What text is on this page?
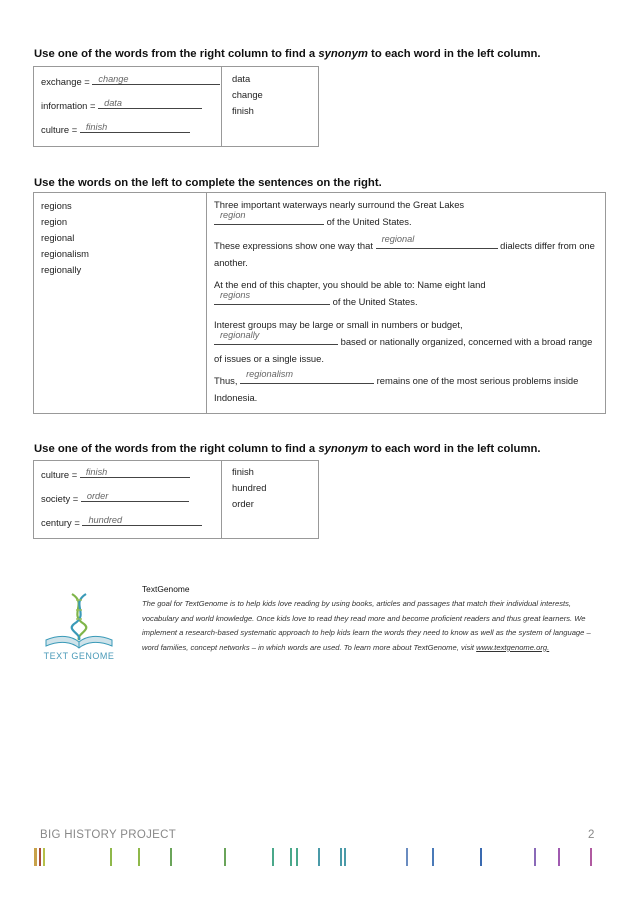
Use one of the words from the right column to find a synonym to each word in the left column.
exchange = change
information = data
culture = finish
data
change
finish
Use the words on the left to complete the sentences on the right.
regions
region
regional
regionalism
regionally
Three important waterways nearly surround the Great Lakes

region
of the United States.
These expressions show one way that
regional
dialects differ from one another.
At the end of this chapter, you should be able to: Name eight land

regions
of the United States.
Interest groups may be large or small in numbers or budget,

regionally
based or nationally organized, concerned with a broad range of issues or a single issue.
Thus,
regionalism
remains one of the most serious problems inside Indonesia.
Use one of the words from the right column to find a synonym to each word in the left column.
culture = finish
society = order
century = hundred
finish
hundred
order
TEXT GENOME
TextGenome
The goal for TextGenome is to help kids love reading by using books, articles and passages that match their individual interests, vocabulary and world knowledge. Once kids love to read they read more and become proficient readers and thus great learners. We implement a research-based systematic approach to help kids learn the words they need to know as well as the system of language – word families, concept networks – in which words are used. To learn more about TextGenome, visit www.textgenome.org.
BIG HISTORY PROJECT	2
